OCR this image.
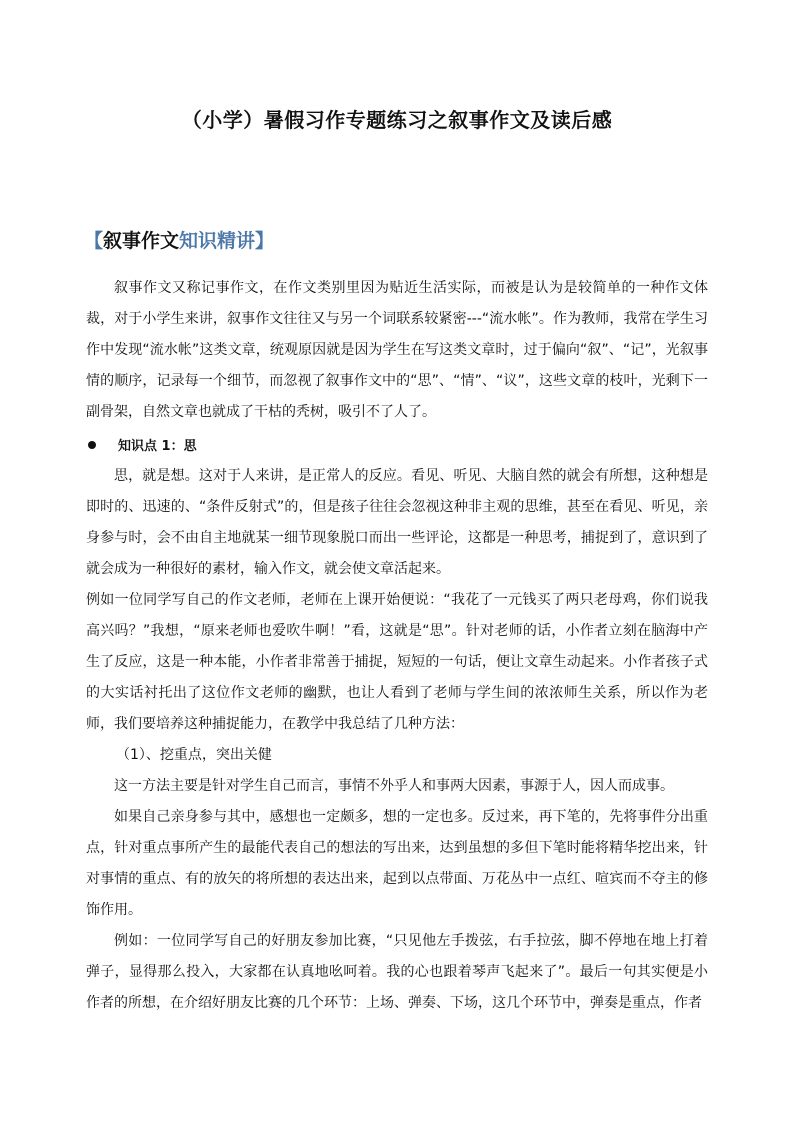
（小学）暑假习作专题练习之叙事作文及读后感
【叙事作文知识精讲】

叙事作文又称记事作文，在作文类别里因为贴近生活实际，而被是认为是较简单的一种作文体裁，对于小学生来讲，叙事作文往往又与另一个词联系较紧密---“流水帐”。作为教师，我常在学生习作中发现“流水帐”这类文章，统观原因就是因为学生在写这类文章时，过于偏向“叙”、“记”，光叙事情的顺序，记录每一个细节，而忽视了叙事作文中的“思”、“情”、“议”，这些文章的枝叶，光剩下一副骨架，自然文章也就成了干枯的秃树，吸引不了人了。

知识点 1：思

思，就是想。这对于人来讲，是正常人的反应。看见、听见、大脑自然的就会有所想，这种想是即时的、迅速的、“条件反射式”的，但是孩子往往会忽视这种非主观的思维，甚至在看见、听见，亲身参与时，会不由自主地就某一细节现象脱口而出一些评论，这都是一种思考，捕捉到了，意识到了就会成为一种很好的素材，输入作文，就会使文章活起来。

例如一位同学写自己的作文老师，老师在上课开始便说：“我花了一元钱买了两只老母鸡，你们说我高兴吗？”我想，“原来老师也爱吹牛啊！”看，这就是“思”。针对老师的话，小作者立刻在脑海中产生了反应，这是一种本能，小作者非常善于捕捉，短短的一句话，便让文章生动起来。小作者孩子式的大实话衬托出了这位作文老师的幽默，也让人看到了老师与学生间的浓浓师生关系，所以作为老师，我们要培养这种捕捉能力，在教学中我总结了几种方法：

（1）、挖重点，突出关健

这一方法主要是针对学生自己而言，事情不外乎人和事两大因素，事源于人，因人而成事。

如果自己亲身参与其中，感想也一定颇多，想的一定也多。反过来，再下笔的，先将事件分出重点，针对重点事所产生的最能代表自己的想法的写出来，达到虽想的多但下笔时能将精华挖出来，针对事情的重点、有的放矢的将所想的表达出来，起到以点带面、万花丛中一点红、喧宾而不夺主的修饰作用。

例如：一位同学写自己的好朋友参加比赛，“只见他左手拨弦，右手拉弦，脚不停地在地上打着弹子，显得那么投入，大家都在认真地吆呵着。我的心也跟着琴声飞起来了”。最后一句其实便是小作者的所想，在介绍好朋友比赛的几个环节：上场、弹奏、下场，这几个环节中，弹奏是重点，作者
